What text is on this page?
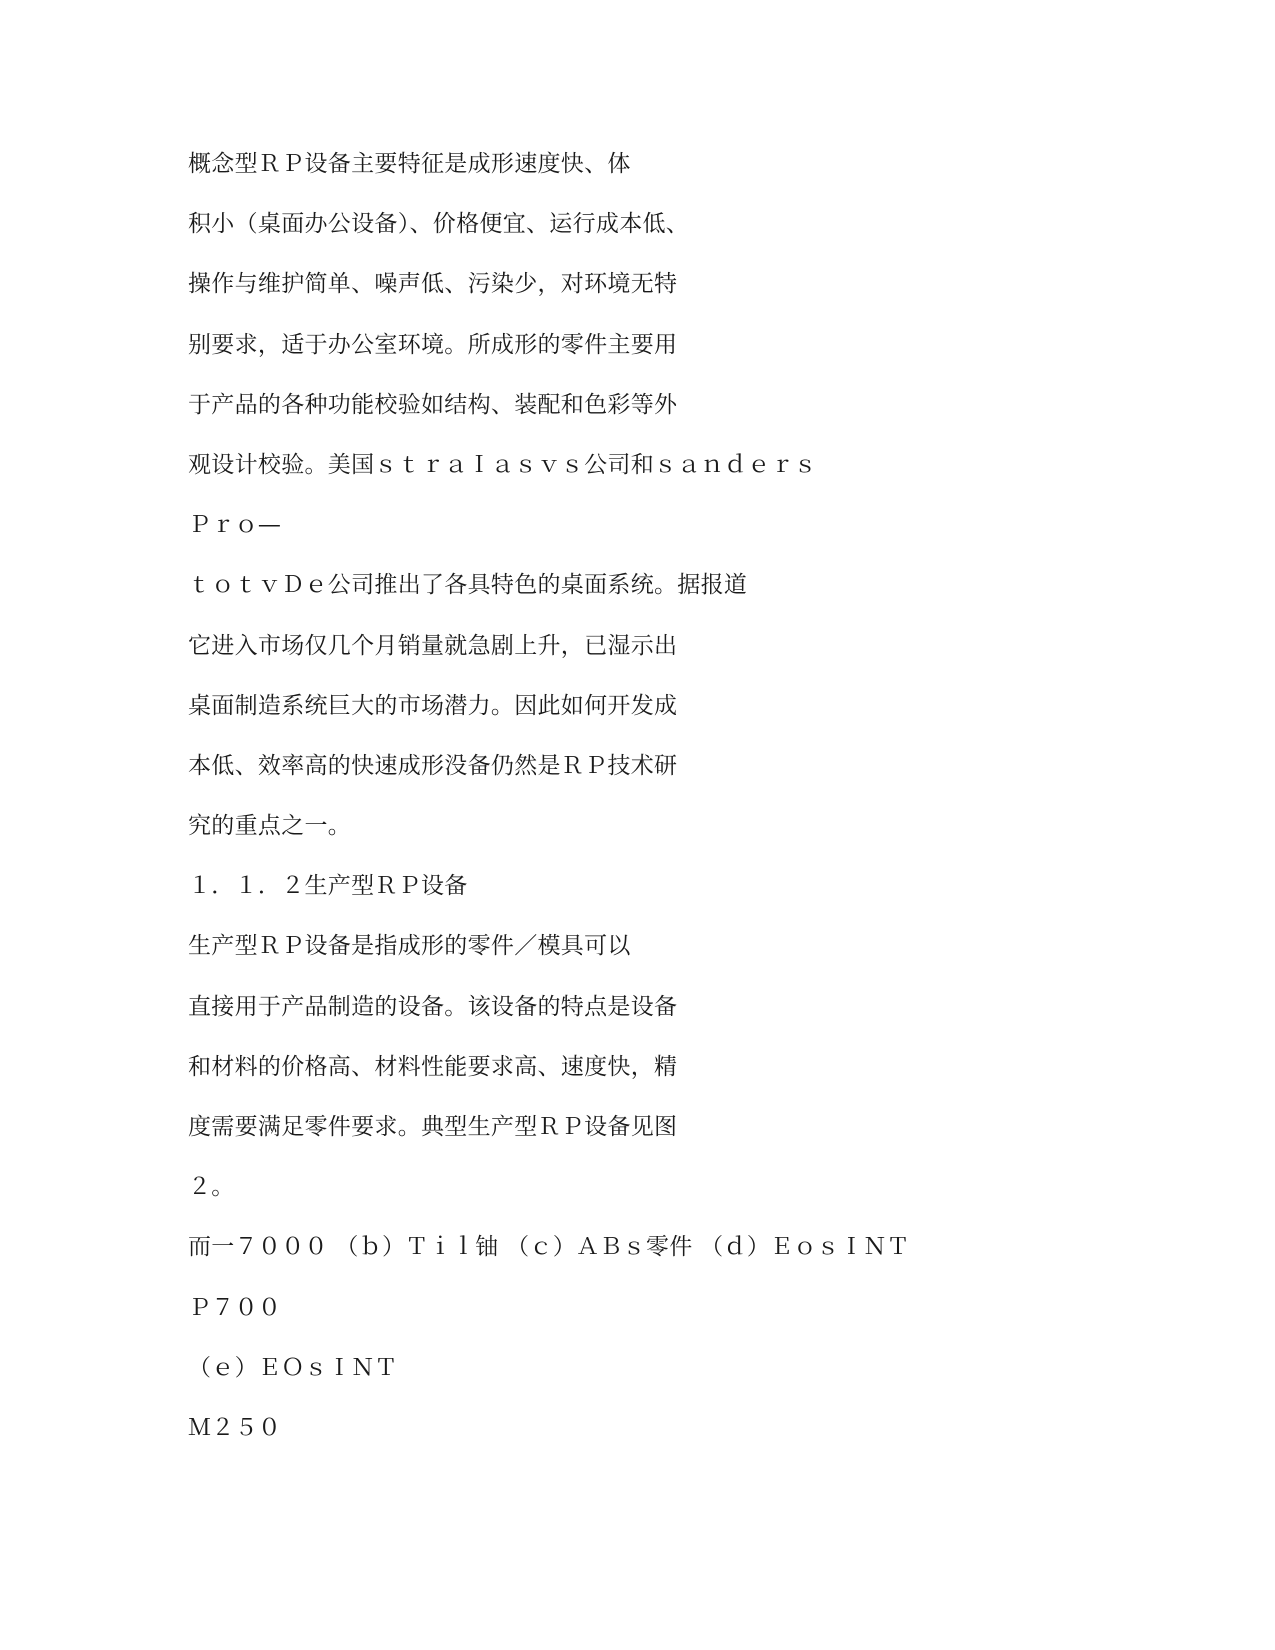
概念型ＲＰ设备主要特征是成形速度快、体
积小（桌面办公设备）、价格便宜、运行成本低、
操作与维护简单、噪声低、污染少，对环境无特
别要求，适于办公室环境。所成形的零件主要用
于产品的各种功能校验如结构、装配和色彩等外
观设计校验。美国ｓｔｒａＩａｓｖｓ公司和ｓａｎｄｅｒｓ
Ｐｒｏ—
ｔｏｔｖＤｅ公司推出了各具特色的桌面系统。据报道
它进入市场仅几个月销量就急剧上升，已湿示出
桌面制造系统巨大的市场潜力。因此如何开发成
本低、效率高的快速成形没备仍然是ＲＰ技术研
究的重点之一。
１．１．２生产型ＲＰ设备
生产型ＲＰ设备是指成形的零件／模具可以
直接用于产品制造的设备。该设备的特点是设备
和材料的价格高、材料性能要求高、速度快，精
度需要满足零件要求。典型生产型ＲＰ设备见图
２。
而一７０００ （ｂ）Ｔｉｌ铀 （ｃ）ＡＢｓ零件 （ｄ）ＥｏｓＩＮＴ
Ｐ７００
（ｅ）ＥＯｓＩＮＴ
Ｍ２５０
